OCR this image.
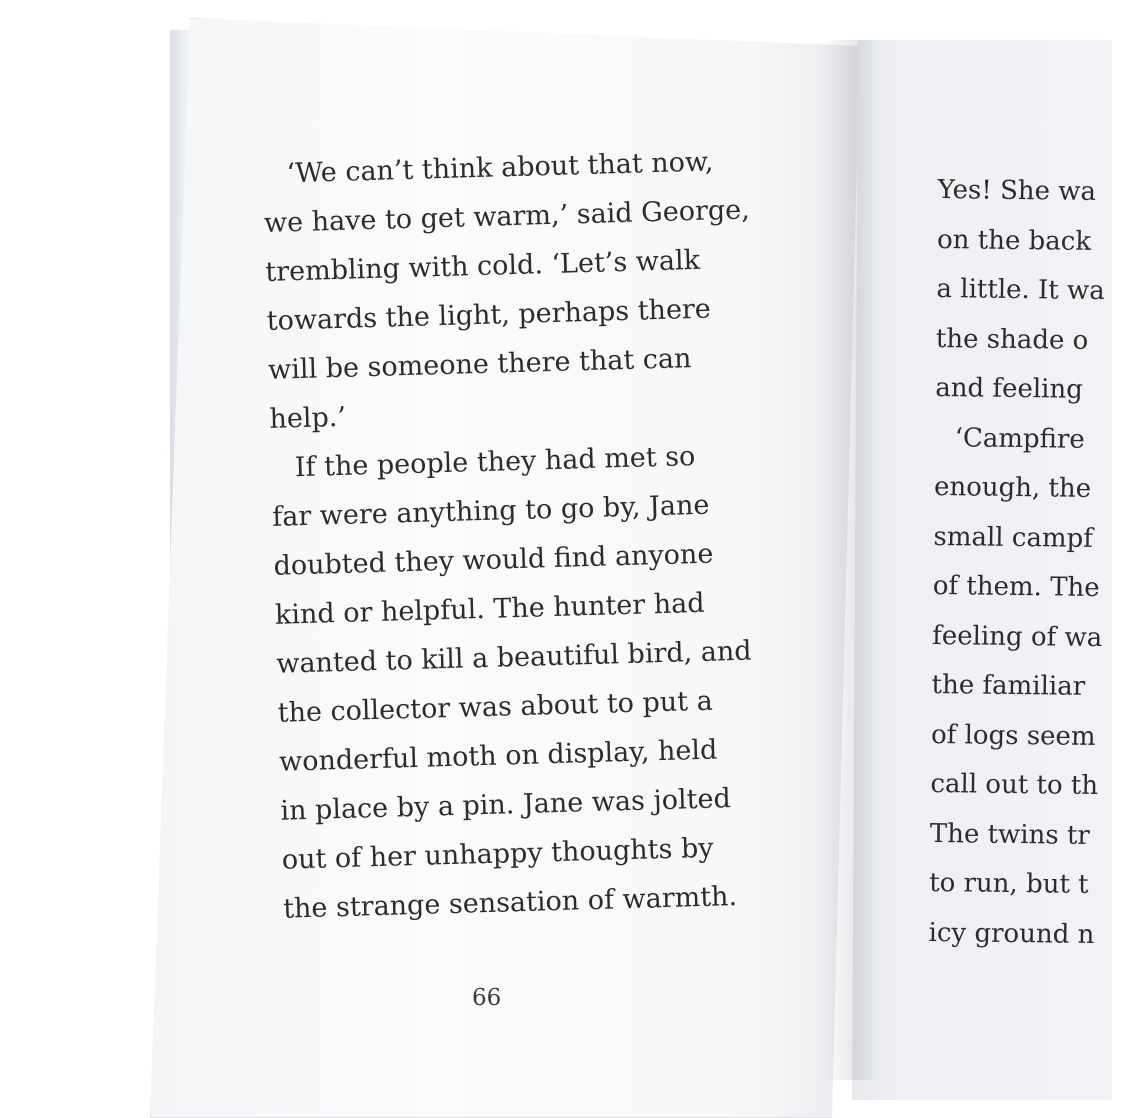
‘We can’t think about that now,
we have to get warm,’ said George,
trembling with cold. ‘Let’s walk
towards the light, perhaps there
will be someone there that can
help.’
If the people they had met so
far were anything to go by, Jane
doubted they would find anyone
kind or helpful. The hunter had
wanted to kill a beautiful bird, and
the collector was about to put a
wonderful moth on display, held
in place by a pin. Jane was jolted
out of her unhappy thoughts by
the strange sensation of warmth.
66
Yes! She wa
on the back
a little. It wa
the shade o
and feeling
‘Campfire
enough, the
small campf
of them. The
feeling of wa
the familiar
of logs seem
call out to th
The twins tr
to run, but t
icy ground n
